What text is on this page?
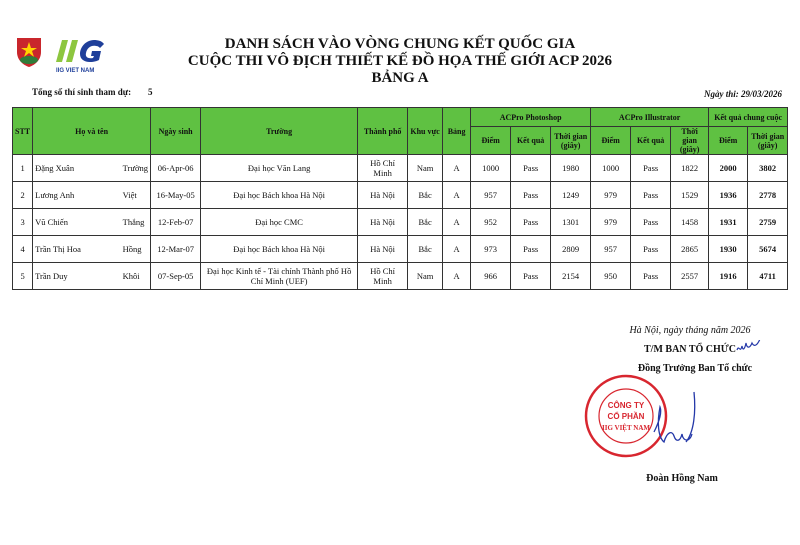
IIG VIET NAM
DANH SÁCH VÀO VÒNG CHUNG KẾT QUỐC GIA
CUỘC THI VÔ ĐỊCH THIẾT KẾ ĐỒ HỌA THẾ GIỚI ACP 2026
BẢNG A
Tổng số thí sinh tham dự: 5	Ngày thi: 29/03/2026
STT	Họ và tên		Ngày sinh	Trường	Thành phố	Khu vực	Bảng	ACPro Photoshop			ACPro Illustrator			Kết quả chung cuộc	
								Điểm	Kết quả	Thời gian (giây)	Điểm	Kết quả	Thời gian (giây)	Điểm	Thời gian (giây)
1	Đặng Xuân	Trường	06-Apr-06	Đại học Văn Lang	Hồ Chí Minh	Nam	A	1000	Pass	1980	1000	Pass	1822	2000	3802
2	Lương Anh	Việt	16-May-05	Đại học Bách khoa Hà Nội	Hà Nội	Bắc	A	957	Pass	1249	979	Pass	1529	1936	2778
3	Vũ Chiến	Thắng	12-Feb-07	Đại học CMC	Hà Nội	Bắc	A	952	Pass	1301	979	Pass	1458	1931	2759
4	Trần Thị Hoa	Hồng	12-Mar-07	Đại học Bách khoa Hà Nội	Hà Nội	Bắc	A	973	Pass	2809	957	Pass	2865	1930	5674
5	Trần Duy	Khôi	07-Sep-05	Đại học Kinh tế - Tài chính Thành phố Hồ Chí Minh (UEF)	Hồ Chí Minh	Nam	A	966	Pass	2154	950	Pass	2557	1916	4711
Hà Nội, ngày tháng năm 2026
T/M BAN TỔ CHỨC
Đồng Trưởng Ban Tổ chức
CÔNG TY
CỔ PHẦN
IIG VIỆT NAM
Đoàn Hồng Nam
